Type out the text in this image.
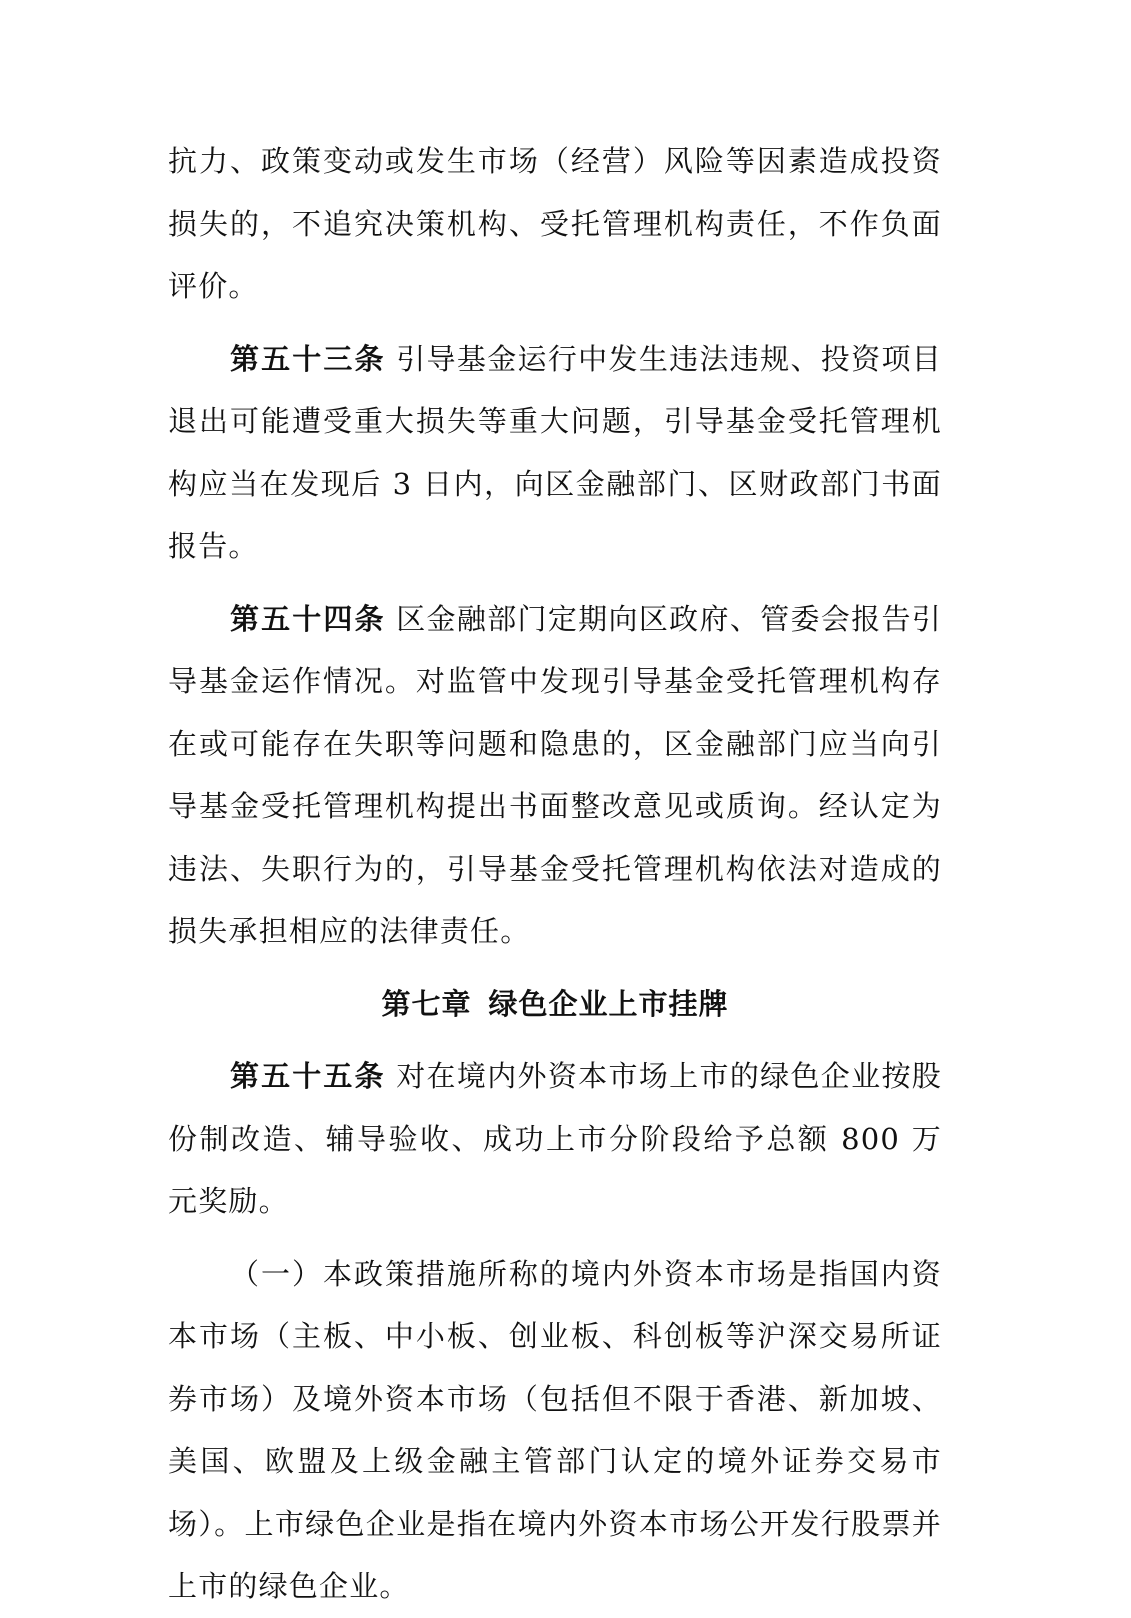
抗力、政策变动或发生市场（经营）风险等因素造成投资损失的，不追究决策机构、受托管理机构责任，不作负面评价。

第五十三条 引导基金运行中发生违法违规、投资项目退出可能遭受重大损失等重大问题，引导基金受托管理机构应当在发现后 3 日内，向区金融部门、区财政部门书面报告。

第五十四条 区金融部门定期向区政府、管委会报告引导基金运作情况。对监管中发现引导基金受托管理机构存在或可能存在失职等问题和隐患的，区金融部门应当向引导基金受托管理机构提出书面整改意见或质询。经认定为违法、失职行为的，引导基金受托管理机构依法对造成的损失承担相应的法律责任。

第七章 绿色企业上市挂牌

第五十五条 对在境内外资本市场上市的绿色企业按股份制改造、辅导验收、成功上市分阶段给予总额 800 万元奖励。

（一）本政策措施所称的境内外资本市场是指国内资本市场（主板、中小板、创业板、科创板等沪深交易所证券市场）及境外资本市场（包括但不限于香港、新加坡、美国、欧盟及上级金融主管部门认定的境外证券交易市场）。上市绿色企业是指在境内外资本市场公开发行股票并上市的绿色企业。
